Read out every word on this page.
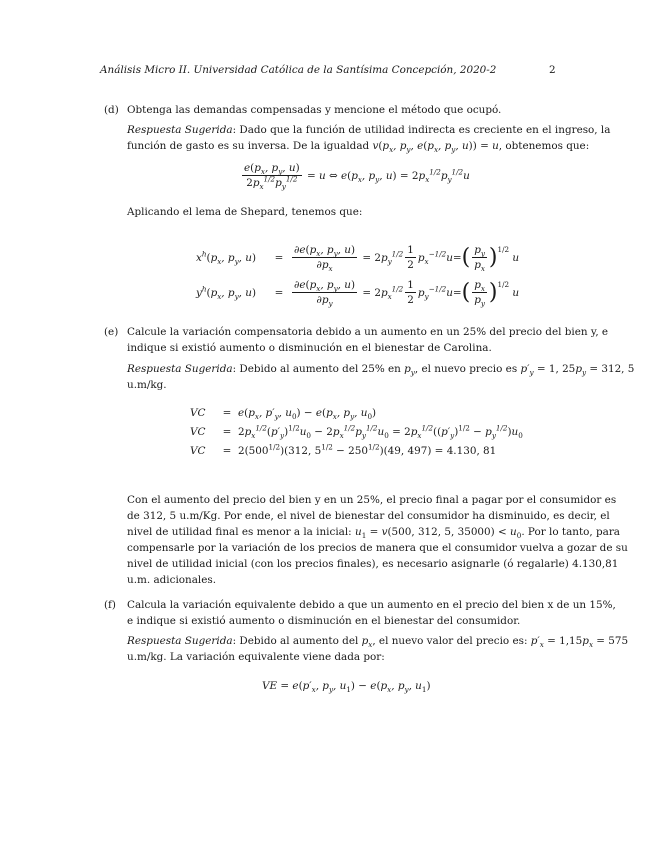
Análisis Micro II. Universidad Católica de la Santísima Concepción, 2020-2	2
(d) Obtenga las demandas compensadas y mencione el método que ocupó.
Respuesta Sugerida: Dado que la función de utilidad indirecta es creciente en el ingreso, la
función de gasto es su inversa. De la igualdad $v(p_x$, $p_y$, $e(p_x$, $p_y$, u)) = u, obtenemos que:
$\frac{e(p_x, p_y, u)}{2p_x^{1/2}p_y^{1/2}} = u$ ⇔ e ( $p_x$, $p_y$, u ) = 2 $p_x^{1/2}p_y^{1/2}u$
Aplicando el lema de Shepard, tenemos que:
$x^h(p_x$, $p_y$, u)	= $\frac{\partial e(p_x, p_y, u)}{\partial p_x} = 2$ $p_y^{1/2} \frac{1}{2} p_x^{-1/2}u$ = ( $\frac{p_y}{p_x} )^{1/2}$

u
$y^h(p_x$, $p_y$, u)	= $\frac{\partial e(p_x, p_y, u)}{\partial p_y} = 2$ $p_x^{1/2} \frac{1}{2} p_y^{-1/2}u$ = ( $\frac{p_x}{p_y} )^{1/2}$

u
(e) Calcule la variación compensatoria debido a un aumento en un 25% del precio del bien y, e
indique si existió aumento o disminución en el bienestar de Carolina.
Respuesta Sugerida: Debido al aumento del 25% en $p_y$, el nuevo precio es $p'_y = 1$, $25p_y = 312$, 5
u.m/kg.
VC	= $e(p_x$, $p'_y$, $u_0) - e(p_x$, $p_y$, $u_0$)
VC	= $2p_x^{1/2}(p'_y)^{1/2}u_0 - 2p_x^{1/2}p_y^{1/2}u_0 = 2p_x^{1/2}((p'_y)^{1/2} - p_y^{1/2})u_0$
VC	= $2(500^{1/2})(312$, $5^{1/2} - 250^{1/2})(49$, 497) = 4.130, 81
Con el aumento del precio del bien y en un 25%, el precio final a pagar por el consumidor es
de 312, 5 u.m/Kg. Por ende, el nivel de bienestar del consumidor ha disminuido, es decir, el
nivel de utilidad final es menor a la inicial: $u_1 = v(500$, 312, 5, $35000) < u_0$. Por lo tanto, para
compensarle por la variación de los precios de manera que el consumidor vuelva a gozar de su
nivel de utilidad inicial (con los precios finales), es necesario asignarle (ó regalarle) 4.130,81
u.m. adicionales.
(f) Calcula la variación equivalente debido a que un aumento en el precio del bien x de un 15%,
e indique si existió aumento o disminución en el bienestar del consumidor.
Respuesta Sugerida: Debido al aumento del $p_x$, el nuevo valor del precio es: $p'_x = 1,15p_x = 575$
u.m/kg. La variación equivalente viene dada por:
VE = $e(p'_x$, $p_y$, $u_1) - e(p_x$, $p_y$, $u_1$)
